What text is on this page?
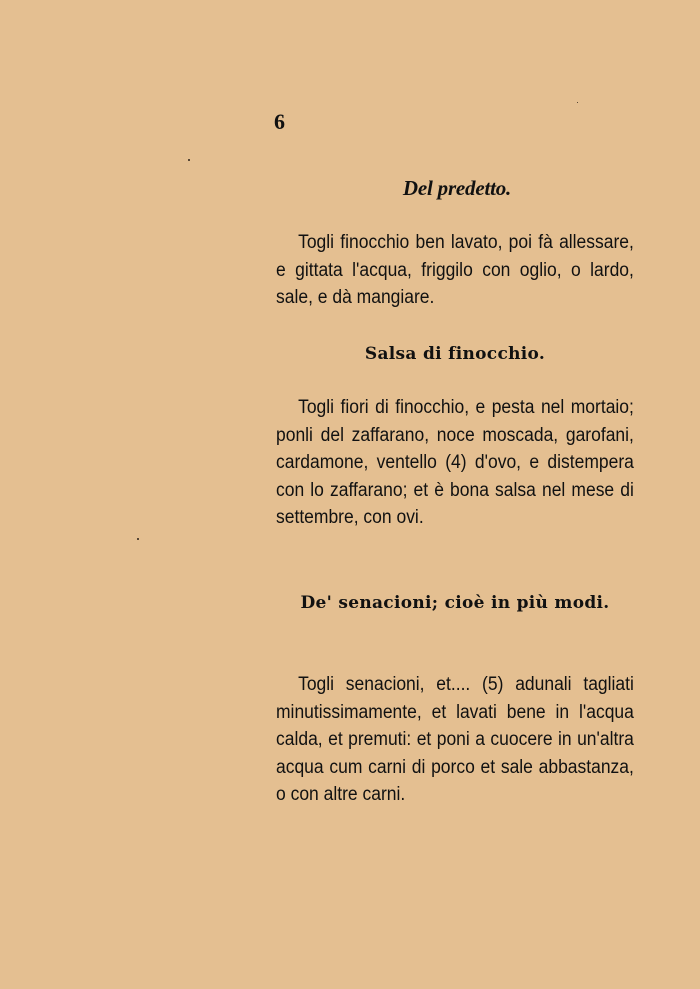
6
Del predetto.

Togli finocchio ben lavato, poi fà allessare, e gittata l'acqua, friggilo con oglio, o lardo, sale, e dà mangiare.

Salsa di finocchio.

Togli fiori di finocchio, e pesta nel mortaio; ponli del zaffarano, noce moscada, garofani, cardamone, ventello (4) d'ovo, e distempera con lo zaffarano; et è bona salsa nel mese di settembre, con ovi.

De' senacioni; cioè in più modi.

Togli senacioni, et.... (5) adunali tagliati minutissimamente, et lavati bene in l'acqua calda, et premuti: et poni a cuocere in un'altra acqua cum carni di porco et sale abbastanza, o con altre carni.
